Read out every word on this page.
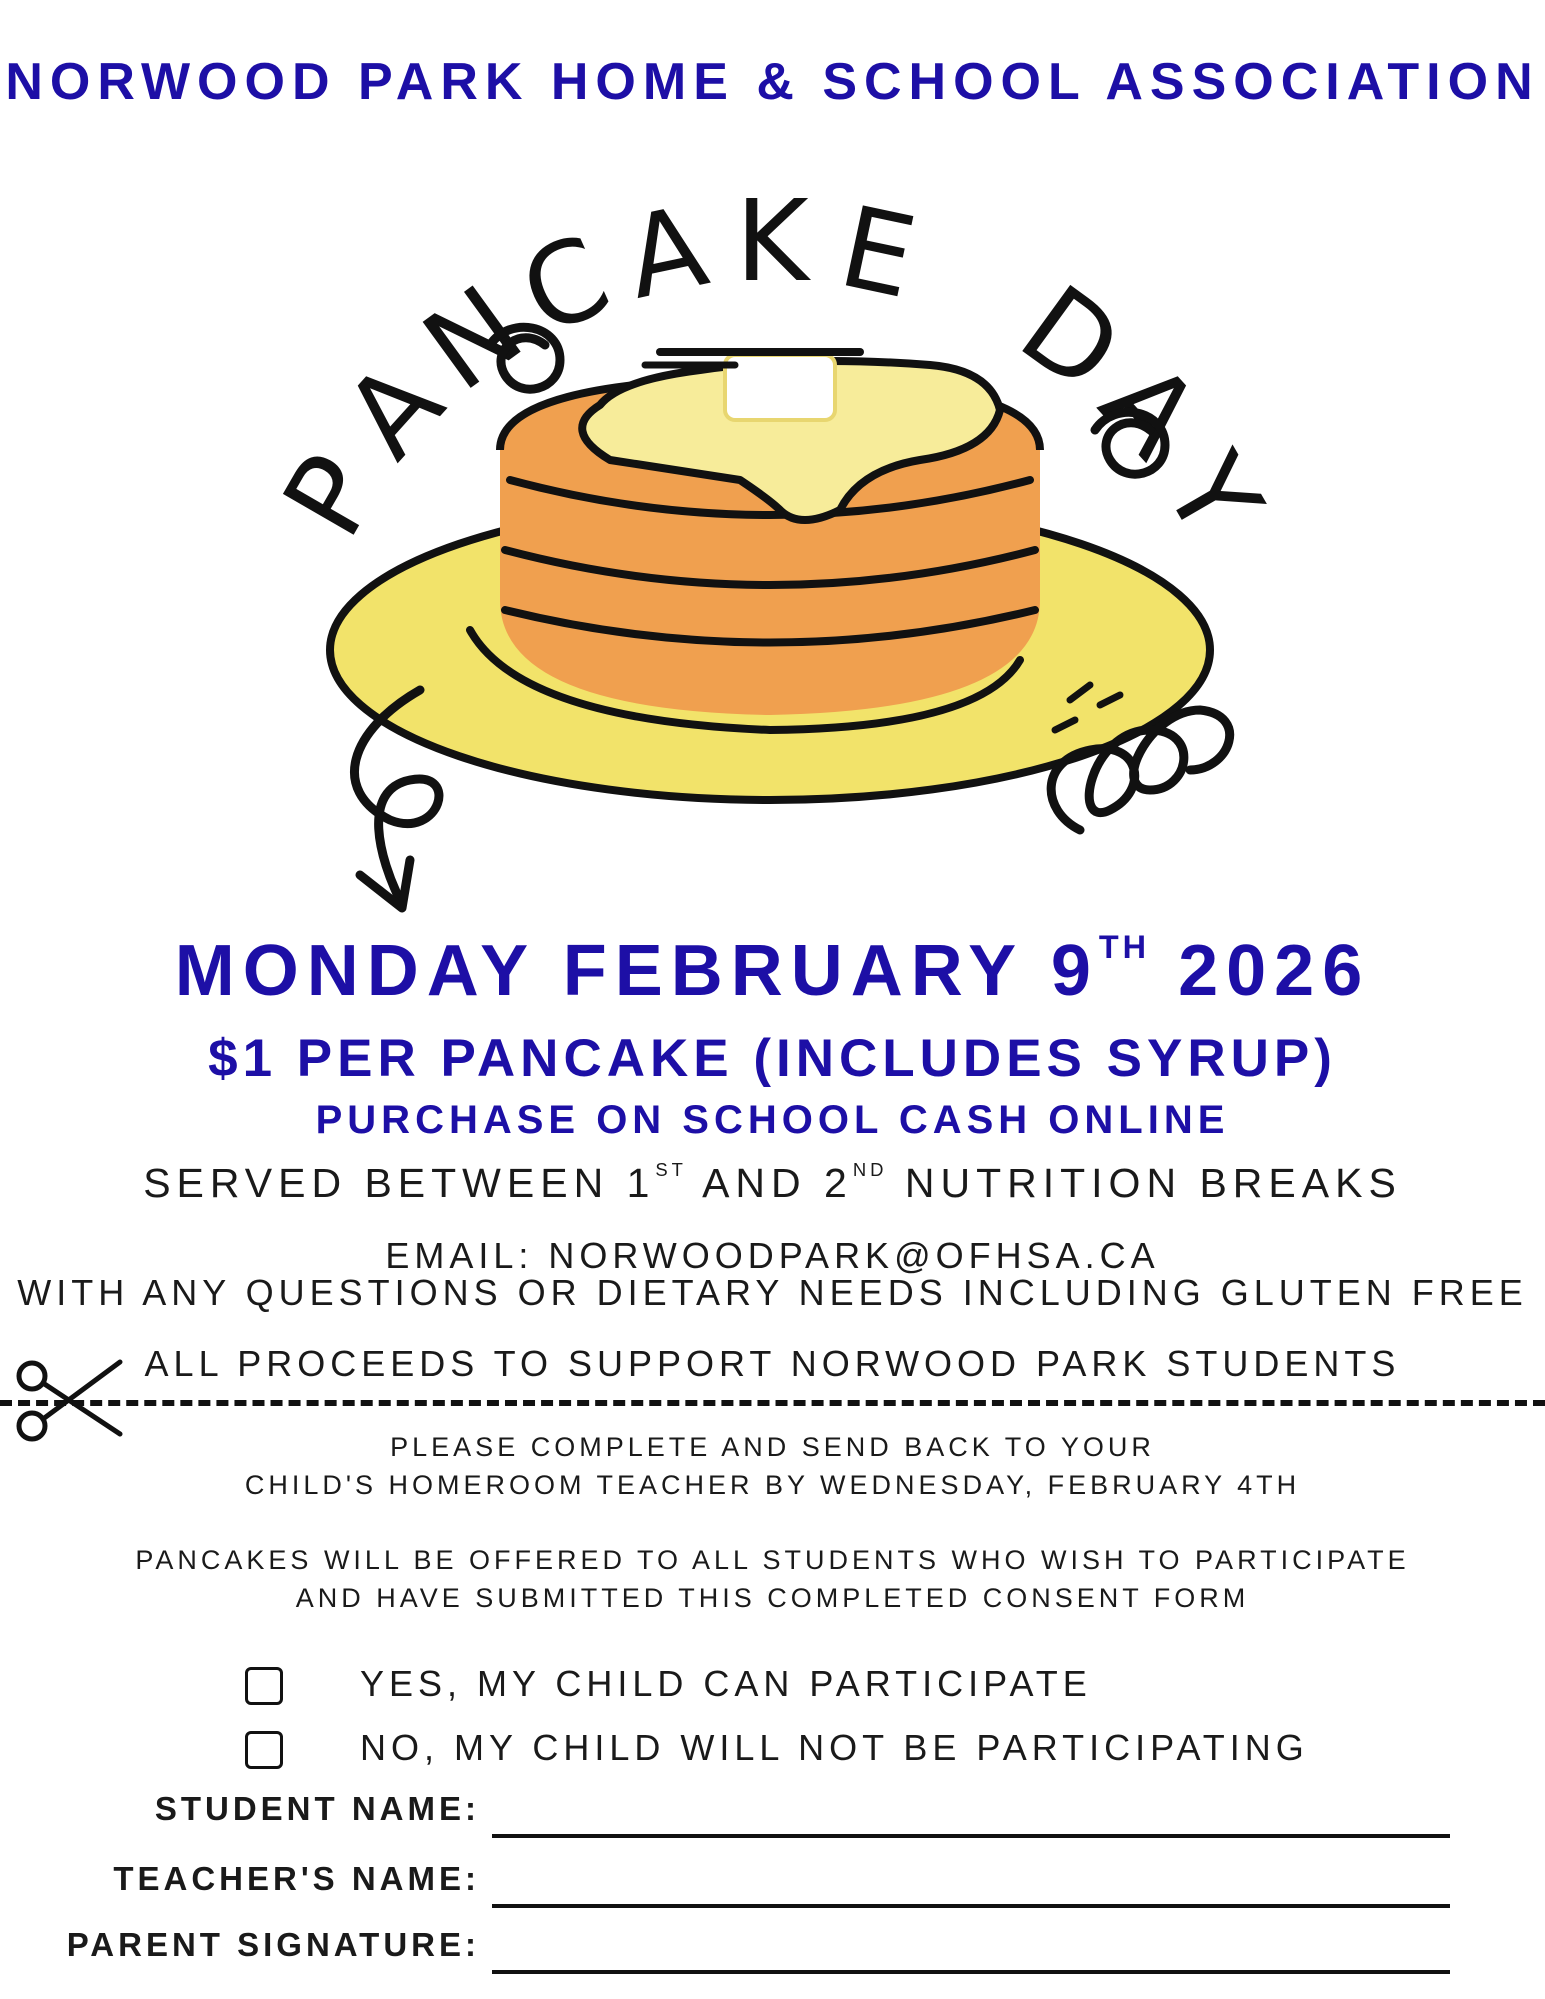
NORWOOD PARK HOME & SCHOOL ASSOCIATION
P
A
N
C
A K E
D
A
Y
MONDAY FEBRUARY 9TH 2026
$1 PER PANCAKE (INCLUDES SYRUP)
PURCHASE ON SCHOOL CASH ONLINE
SERVED BETWEEN 1ST AND 2ND NUTRITION BREAKS
EMAIL: NORWOODPARK@OFHSA.CA
WITH ANY QUESTIONS OR DIETARY NEEDS INCLUDING GLUTEN FREE
ALL PROCEEDS TO SUPPORT NORWOOD PARK STUDENTS
PLEASE COMPLETE AND SEND BACK TO YOUR
CHILD'S HOMEROOM TEACHER BY WEDNESDAY, FEBRUARY 4TH
PANCAKES WILL BE OFFERED TO ALL STUDENTS WHO WISH TO PARTICIPATE
AND HAVE SUBMITTED THIS COMPLETED CONSENT FORM
YES, MY CHILD CAN PARTICIPATE
NO, MY CHILD WILL NOT BE PARTICIPATING
STUDENT NAME:
TEACHER'S NAME:
PARENT SIGNATURE:
